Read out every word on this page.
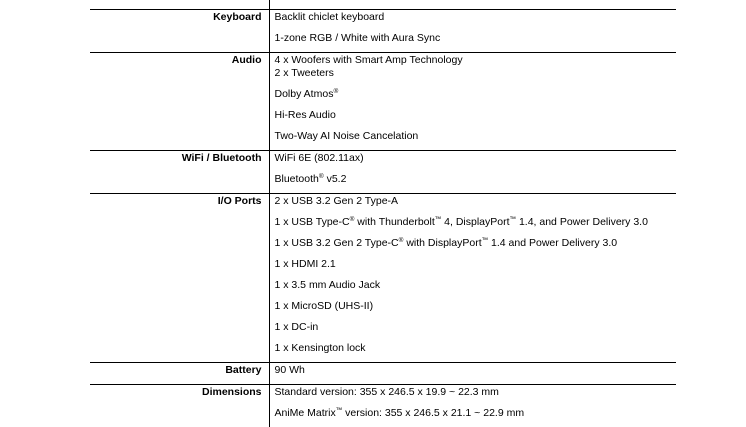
Keyboard	Backlit chiclet keyboard
	1-zone RGB / White with Aura Sync
Audio	4 x Woofers with Smart Amp Technology
	2 x Tweeters
	Dolby Atmos®
	Hi-Res Audio
	Two-Way AI Noise Cancelation
WiFi / Bluetooth	WiFi 6E (802.11ax)
	Bluetooth® v5.2
I/O Ports	2 x USB 3.2 Gen 2 Type-A
	1 x USB Type-C® with Thunderbolt™ 4, DisplayPort™ 1.4, and Power Delivery 3.0
	1 x USB 3.2 Gen 2 Type-C® with DisplayPort™ 1.4 and Power Delivery 3.0
	1 x HDMI 2.1
	1 x 3.5 mm Audio Jack
	1 x MicroSD (UHS-II)
	1 x DC-in
	1 x Kensington lock
Battery	90 Wh
Dimensions	Standard version: 355 x 246.5 x 19.9 ~ 22.3 mm
	AniMe Matrix™ version: 355 x 246.5 x 21.1 ~ 22.9 mm
